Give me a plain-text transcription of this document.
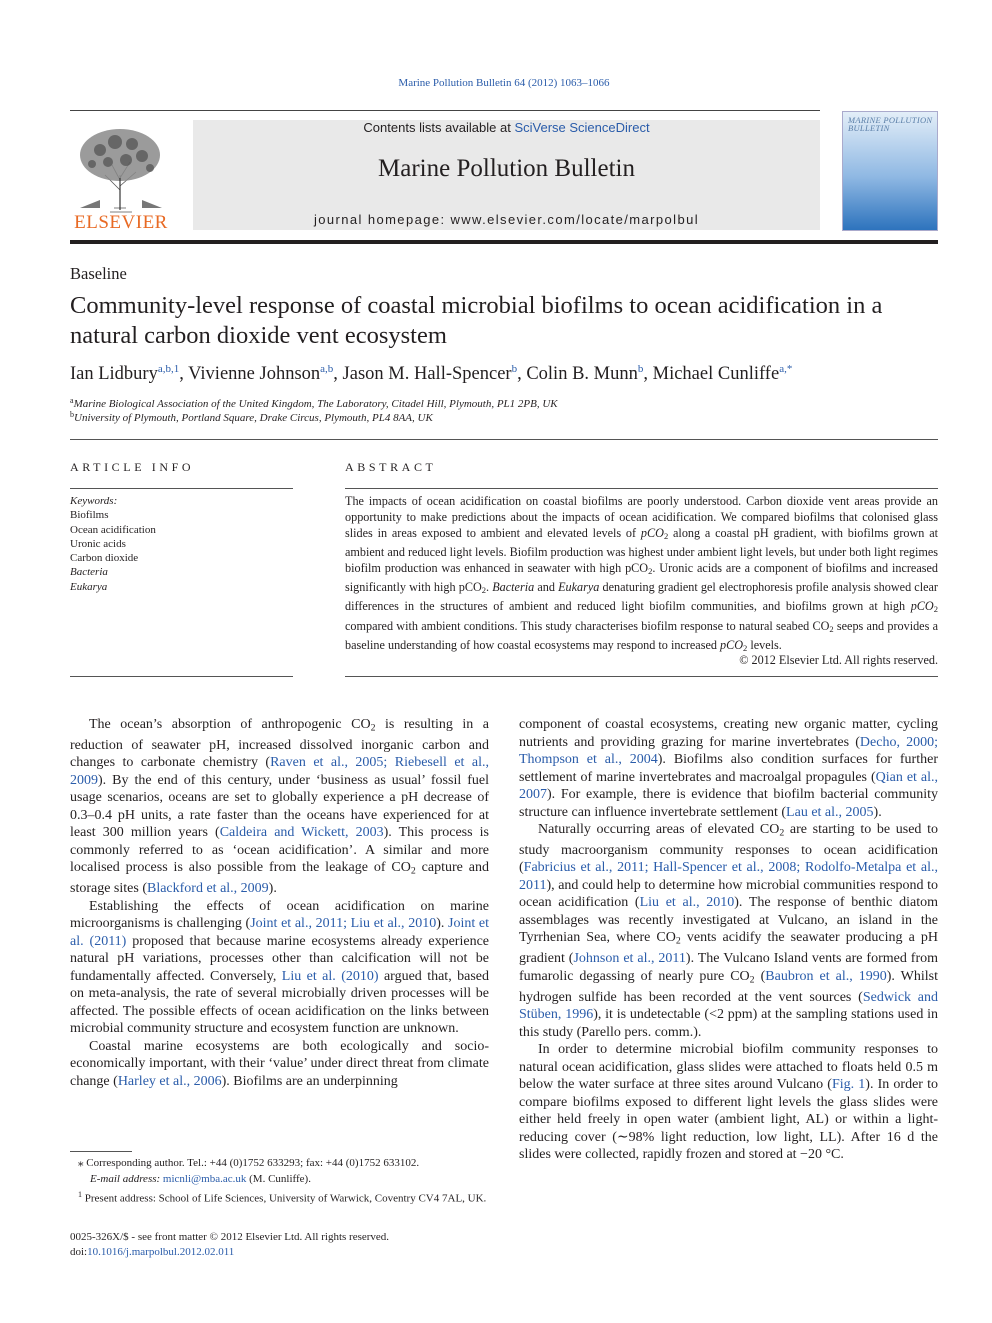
Marine Pollution Bulletin 64 (2012) 1063–1066
ELSEVIER
Contents lists available at SciVerse ScienceDirect
Marine Pollution Bulletin
journal homepage: www.elsevier.com/locate/marpolbul
MARINE POLLUTION BULLETIN
Baseline
Community-level response of coastal microbial biofilms to ocean acidification in a natural carbon dioxide vent ecosystem
Ian Lidbury$^{a,b,1}$, Vivienne Johnson$^{a,b}$, Jason M. Hall-Spencer$^b$, Colin B. Munn$^b$, Michael Cunliffe$^{a,*}$
$^a$Marine Biological Association of the United Kingdom, The Laboratory, Citadel Hill, Plymouth, PL1 2PB, UK
$^b$University of Plymouth, Portland Square, Drake Circus, Plymouth, PL4 8AA, UK
ARTICLE INFO	ABSTRACT
Keywords:
Biofilms
Ocean acidification
Uronic acids
Carbon dioxide
Bacteria
Eukarya
The impacts of ocean acidification on coastal biofilms are poorly understood. Carbon dioxide vent areas provide an opportunity to make predictions about the impacts of ocean acidification. We compared biofilms that colonised glass slides in areas exposed to ambient and elevated levels of pCO$_2$ along a coastal pH gradient, with biofilms grown at ambient and reduced light levels. Biofilm production was highest under ambient light levels, but under both light regimes biofilm production was enhanced in seawater with high pCO$_2$. Uronic acids are a component of biofilms and increased significantly with high pCO$_2$. Bacteria and Eukarya denaturing gradient gel electrophoresis profile analysis showed clear differences in the structures of ambient and reduced light biofilm communities, and biofilms grown at high pCO$_2$ compared with ambient conditions. This study characterises biofilm response to natural seabed $CO_2$ seeps and provides a baseline understanding of how coastal ecosystems may respond to increased pCO$_2$ levels.
© 2012 Elsevier Ltd. All rights reserved.

The ocean’s absorption of anthropogenic $CO_2$ is resulting in a reduction of seawater pH, increased dissolved inorganic carbon and changes to carbonate chemistry (Raven et al., 2005; Riebesell et al., 2009). By the end of this century, under ‘business as usual’ fossil fuel usage scenarios, oceans are set to globally experience a pH decrease of 0.3–0.4 pH units, a rate faster than the oceans have experienced for at least 300 million years (Caldeira and Wickett, 2003). This process is commonly referred to as ‘ocean acidification’. A similar and more localised process is also possible from the leakage of $CO_2$ capture and storage sites (Blackford et al., 2009).

Establishing the effects of ocean acidification on marine microorganisms is challenging (Joint et al., 2011; Liu et al., 2010). Joint et al. (2011) proposed that because marine ecosystems already experience natural pH variations, processes other than calcification will not be fundamentally affected. Conversely, Liu et al. (2010) argued that, based on meta-analysis, the rate of several microbially driven processes will be affected. The possible effects of ocean acidification on the links between microbial community structure and ecosystem function are unknown.

Coastal marine ecosystems are both ecologically and socio-economically important, with their ‘value’ under direct threat from climate change (Harley et al., 2006). Biofilms are an underpinning

component of coastal ecosystems, creating new organic matter, cycling nutrients and providing grazing for marine invertebrates (Decho, 2000; Thompson et al., 2004). Biofilms also condition surfaces for further settlement of marine invertebrates and macroalgal propagules (Qian et al., 2007). For example, there is evidence that biofilm bacterial community structure can influence invertebrate settlement (Lau et al., 2005).

Naturally occurring areas of elevated $CO_2$ are starting to be used to study macroorganism community responses to ocean acidification (Fabricius et al., 2011; Hall-Spencer et al., 2008; Rodolfo-Metalpa et al., 2011), and could help to determine how microbial communities respond to ocean acidification (Liu et al., 2010). The response of benthic diatom assemblages was recently investigated at Vulcano, an island in the Tyrrhenian Sea, where $CO_2$ vents acidify the seawater producing a pH gradient (Johnson et al., 2011). The Vulcano Island vents are formed from fumarolic degassing of nearly pure $CO_2$ (Baubron et al., 1990). Whilst hydrogen sulfide has been recorded at the vent sources (Sedwick and Stüben, 1996), it is undetectable (<2 ppm) at the sampling stations used in this study (Parello pers. comm.).

In order to determine microbial biofilm community responses to natural ocean acidification, glass slides were attached to floats held 0.5 m below the water surface at three sites around Vulcano (Fig. 1). In order to compare biofilms exposed to different light levels the glass slides were either held freely in open water (ambient light, AL) or within a light-reducing cover (∼98% light reduction, low light, LL). After 16 d the slides were collected, rapidly frozen and stored at −20 °C.

⁎ Corresponding author. Tel.: +44 (0)1752 633293; fax: +44 (0)1752 633102.
E-mail address: micnli@mba.ac.uk (M. Cunliffe).
$^1$ Present address: School of Life Sciences, University of Warwick, Coventry CV4 7AL, UK.
0025-326X/$ - see front matter © 2012 Elsevier Ltd. All rights reserved.
doi:10.1016/j.marpolbul.2012.02.011
